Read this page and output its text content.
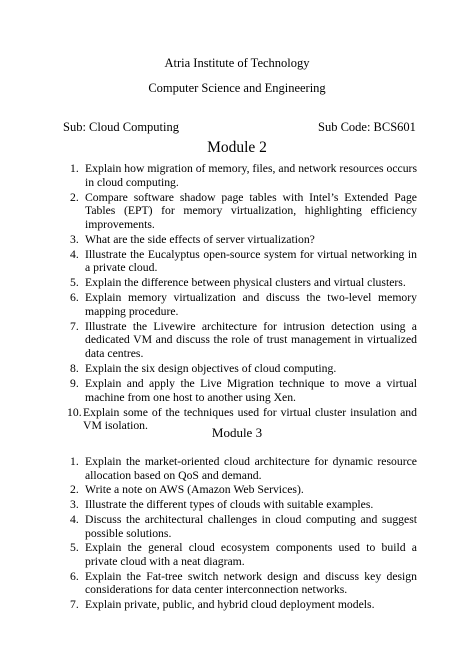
Atria Institute of Technology
Computer Science and Engineering
Sub: Cloud Computing	Sub Code: BCS601
Module 2
1. Explain how migration of memory, files, and network resources occurs in cloud computing.
2. Compare software shadow page tables with Intel’s Extended Page Tables (EPT) for memory virtualization, highlighting efficiency improvements.
3. What are the side effects of server virtualization?
4. Illustrate the Eucalyptus open-source system for virtual networking in a private cloud.
5. Explain the difference between physical clusters and virtual clusters.
6. Explain memory virtualization and discuss the two-level memory mapping procedure.
7. Illustrate the Livewire architecture for intrusion detection using a dedicated VM and discuss the role of trust management in virtualized data centres.
8. Explain the six design objectives of cloud computing.
9. Explain and apply the Live Migration technique to move a virtual machine from one host to another using Xen.
10. Explain some of the techniques used for virtual cluster insulation and VM isolation.	Module 3
1. Explain the market-oriented cloud architecture for dynamic resource allocation based on QoS and demand.
2. Write a note on AWS (Amazon Web Services).
3. Illustrate the different types of clouds with suitable examples.
4. Discuss the architectural challenges in cloud computing and suggest possible solutions.
5. Explain the general cloud ecosystem components used to build a private cloud with a neat diagram.
6. Explain the Fat-tree switch network design and discuss key design considerations for data center interconnection networks.
7. Explain private, public, and hybrid cloud deployment models.
